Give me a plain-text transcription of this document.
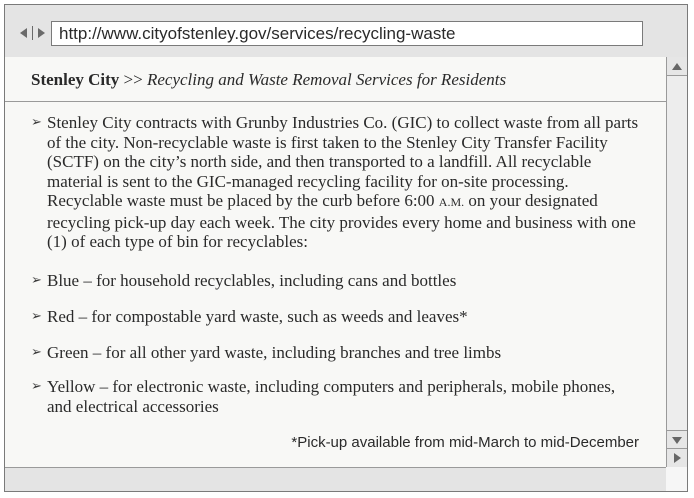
http://www.cityofstenley.gov/services/recycling-waste
Stenley City >> Recycling and Waste Removal Services for Residents
➢ Stenley City contracts with Grunby Industries Co. (GIC) to collect waste from all parts of the city. Non-recyclable waste is first taken to the Stenley City Transfer Facility (SCTF) on the city’s north side, and then transported to a landfill. All recyclable material is sent to the GIC-managed recycling facility for on-site processing. Recyclable waste must be placed by the curb before 6:00 A.M. on your designated recycling pick-up day each week. The city provides every home and business with one (1) of each type of bin for recyclables:
➢ Blue – for household recyclables, including cans and bottles
➢ Red – for compostable yard waste, such as weeds and leaves*
➢ Green – for all other yard waste, including branches and tree limbs
➢ Yellow – for electronic waste, including computers and peripherals, mobile phones, and electrical accessories
*Pick-up available from mid-March to mid-December
